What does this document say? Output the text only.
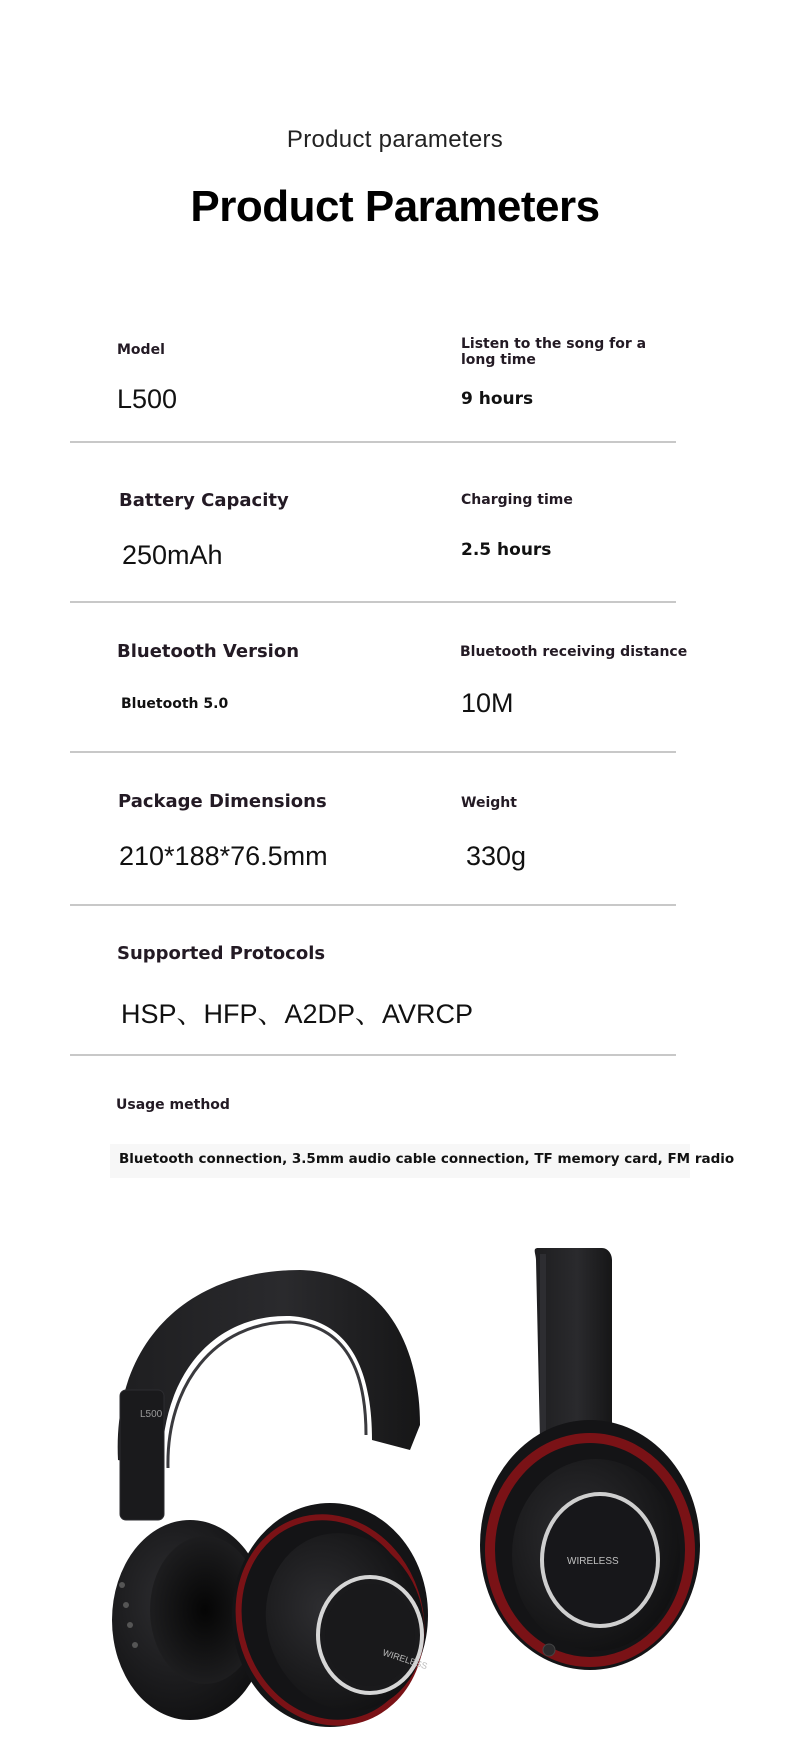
Product parameters
Product Parameters
Model
L500
Listen to the song for a long time
9 hours
Battery Capacity
250mAh
Charging time
2.5 hours
Bluetooth Version
Bluetooth 5.0
Bluetooth receiving distance
10M
Package Dimensions
210*188*76.5mm
Weight
330g
Supported Protocols
HSP、HFP、A2DP、AVRCP
Usage method
Bluetooth connection, 3.5mm audio cable connection, TF memory card, FM radio
L500
WIRELESS
WIRELESS
